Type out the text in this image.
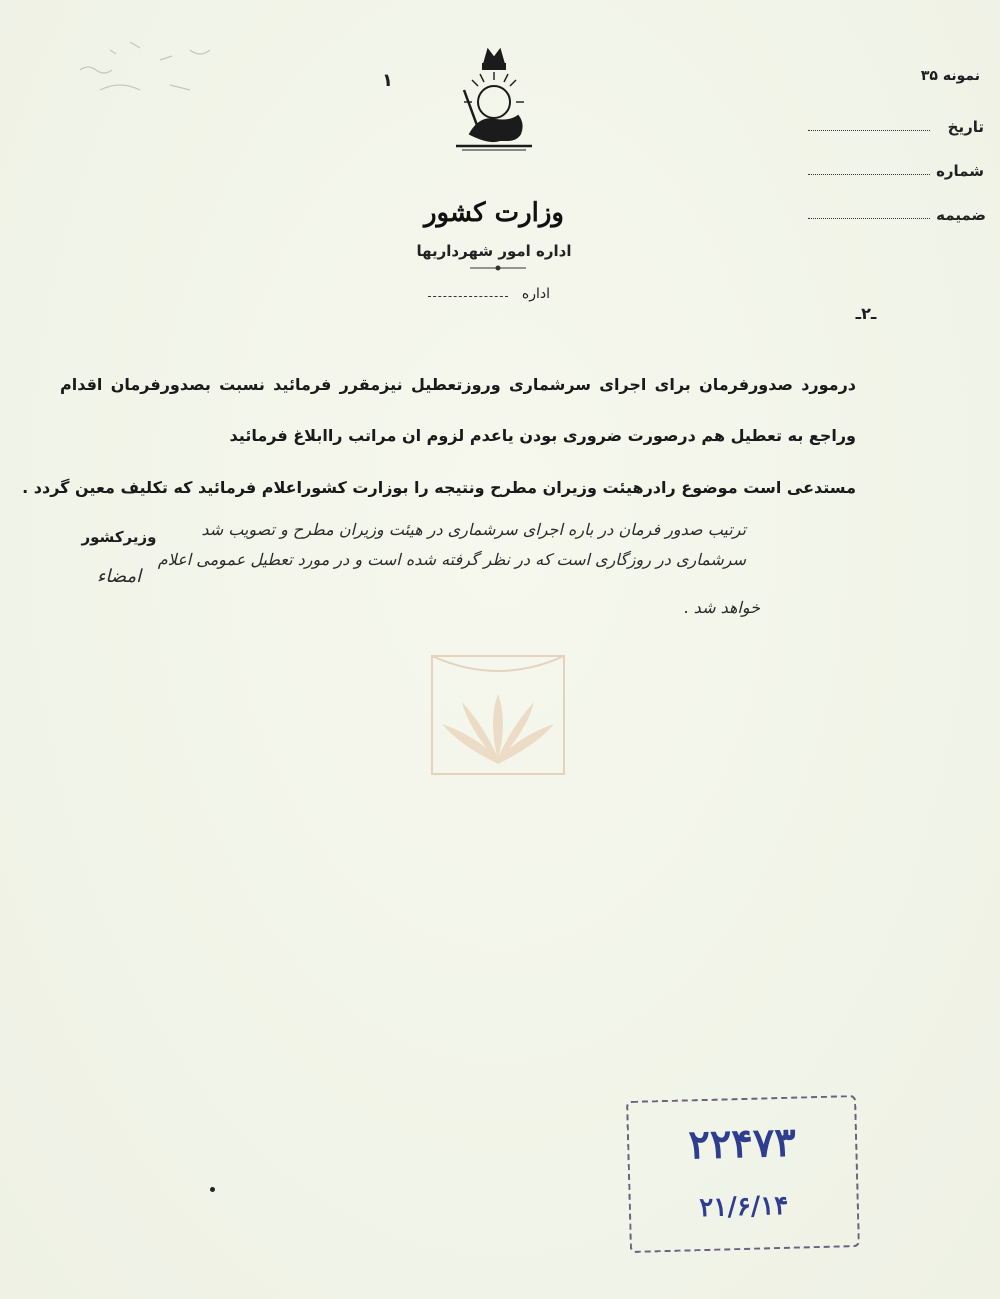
۱
وزارت کشور
اداره امور شهرداریها
اداره
نمونه ۳۵
تاریخ
شماره
ضمیمه
ـ۲ـ
درمورد صدورفرمان برای اجرای سرشماری وروزتعطیل نیزمقرر فرمائید نسبت بصدورفرمان اقدام
وراجع به تعطیل هم درصورت ضروری بودن یاعدم لزوم ان مراتب راابلاغ فرمائید
مستدعی است موضوع رادرهیئت وزیران مطرح ونتیجه را بوزارت کشوراعلام فرمائید که تکلیف معین گردد .
ترتیب صدور فرمان در باره اجرای سرشماری در هیئت وزیران مطرح و تصویب شد
سرشماری در روزگاری است که در نظر گرفته شده است و در مورد تعطیل عمومی اعلام
خواهد شد .
وزیرکشور
امضاء
۲۲۴۷۳
۲۱/۶/۱۴
